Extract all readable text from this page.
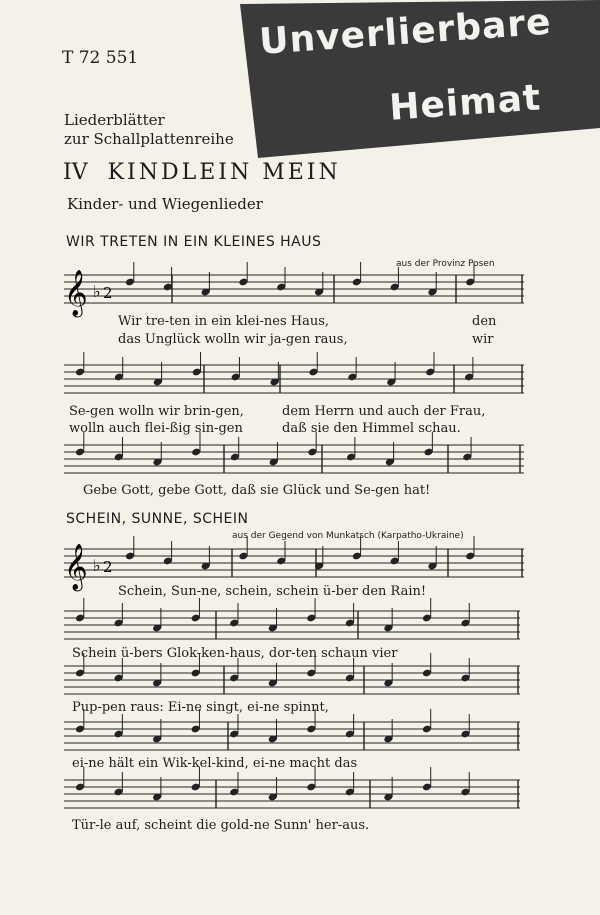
Unverlierbare
Heimat
T 72 551
Liederblätter
zur Schallplattenreihe
IV KINDLEIN MEIN
Kinder- und Wiegenlieder
WIR TRETEN IN EIN KLEINES HAUS
aus der Provinz Posen
SCHEIN, SUNNE, SCHEIN
aus der Gegend von Munkatsch (Karpatho-Ukraine)
𝄞
𝄞
♭ 2
♭ 2
Wir tre-ten in ein klei-nes Haus,
das Unglück wolln wir ja-gen raus,
den
wir
Se-gen wolln wir brin-gen,
wolln auch flei-ßig sin-gen
dem Herrn und auch der Frau,
daß sie den Himmel schau.
Gebe Gott, gebe Gott, daß sie Glück und Se-gen hat!
Schein, Sun-ne, schein, schein ü-ber den Rain!
Schein ü-bers Glok-ken-haus, dor-ten schaun vier
Pup-pen raus: Ei-ne singt, ei-ne spinnt,
ei-ne hält ein Wik-kel-kind, ei-ne macht das
Tür-le auf, scheint die gold-ne Sunn' her-aus.
